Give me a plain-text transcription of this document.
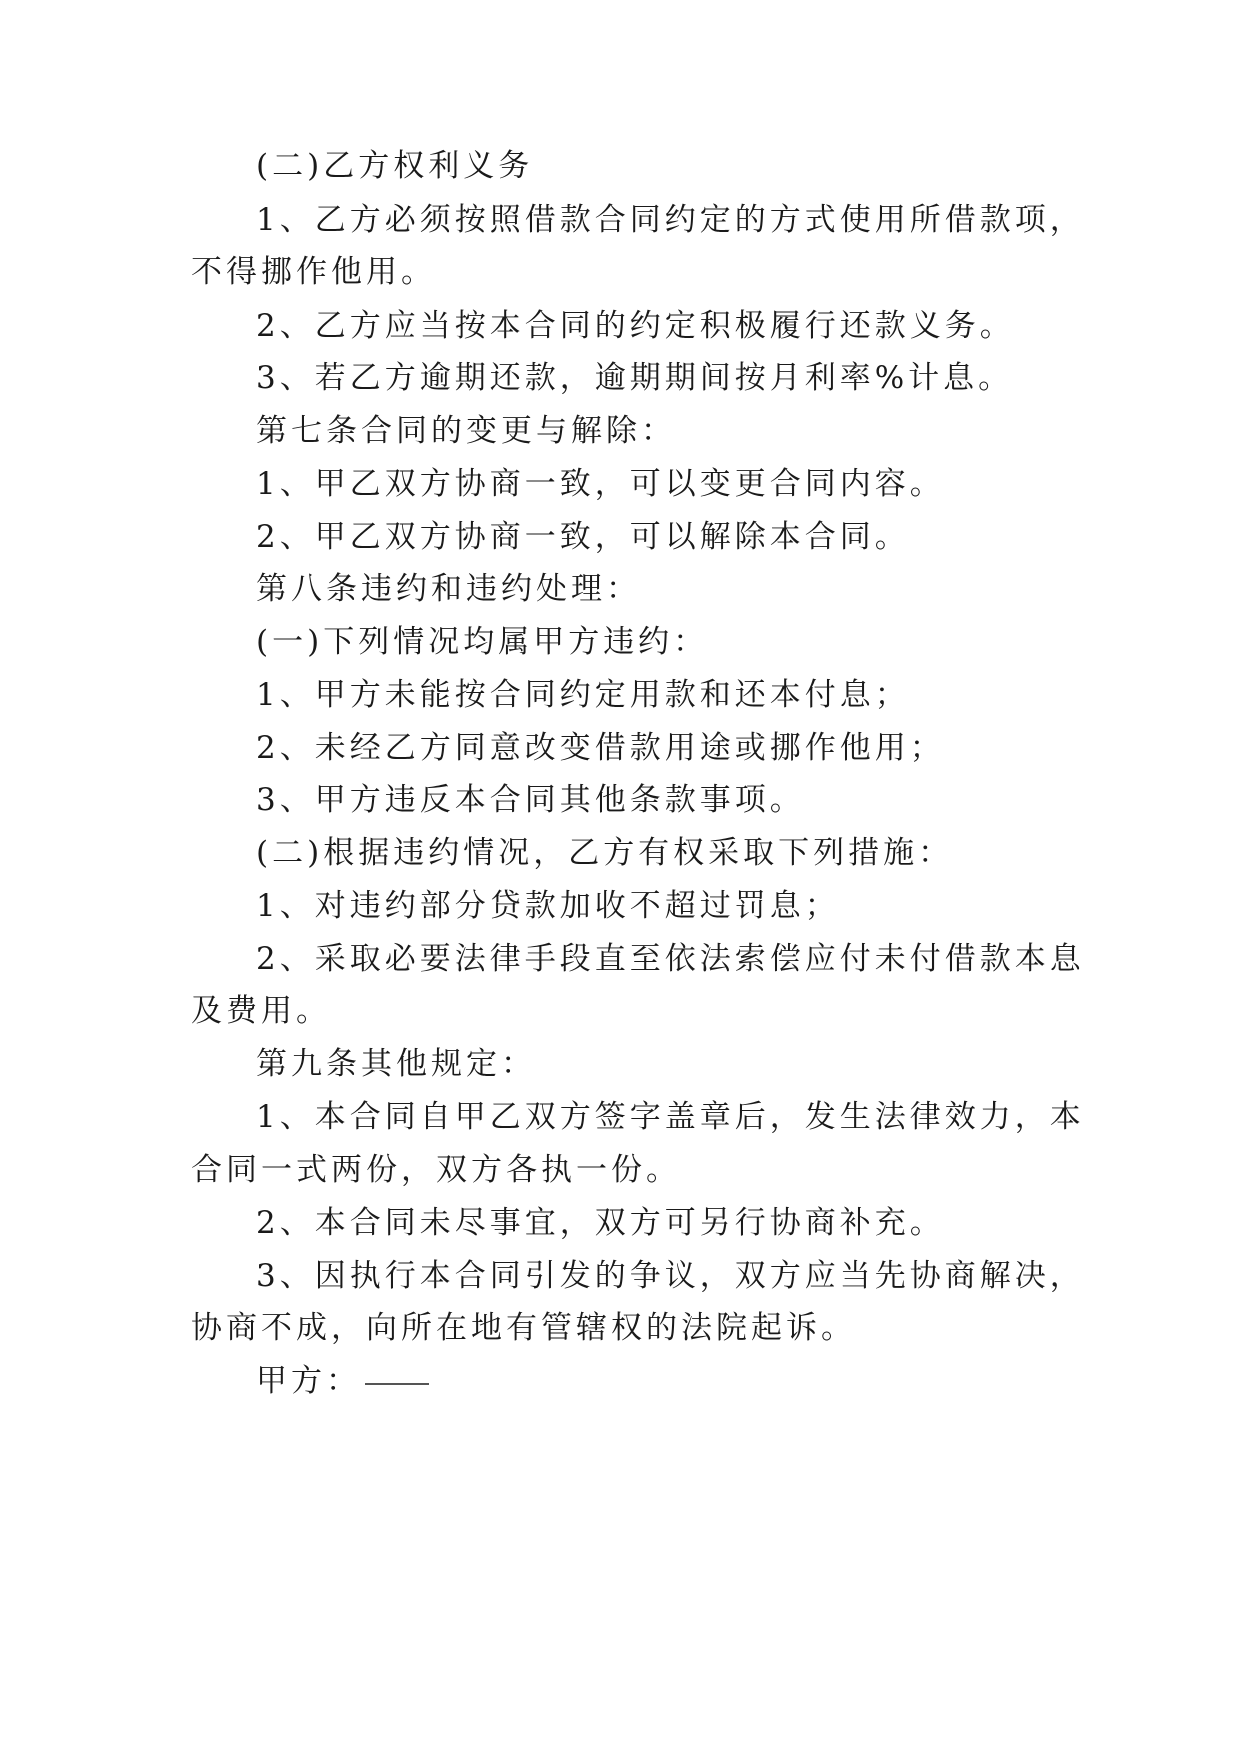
(二)乙方权利义务
1、乙方必须按照借款合同约定的方式使用所借款项，
不得挪作他用。
2、乙方应当按本合同的约定积极履行还款义务。
3、若乙方逾期还款，逾期期间按月利率%计息。
第七条合同的变更与解除：
1、甲乙双方协商一致，可以变更合同内容。
2、甲乙双方协商一致，可以解除本合同。
第八条违约和违约处理：
(一)下列情况均属甲方违约：
1、甲方未能按合同约定用款和还本付息；
2、未经乙方同意改变借款用途或挪作他用；
3、甲方违反本合同其他条款事项。
(二)根据违约情况，乙方有权采取下列措施：
1、对违约部分贷款加收不超过罚息；
2、采取必要法律手段直至依法索偿应付未付借款本息
及费用。
第九条其他规定：
1、本合同自甲乙双方签字盖章后，发生法律效力，本
合同一式两份，双方各执一份。
2、本合同未尽事宜，双方可另行协商补充。
3、因执行本合同引发的争议，双方应当先协商解决，
协商不成，向所在地有管辖权的法院起诉。
甲方：
